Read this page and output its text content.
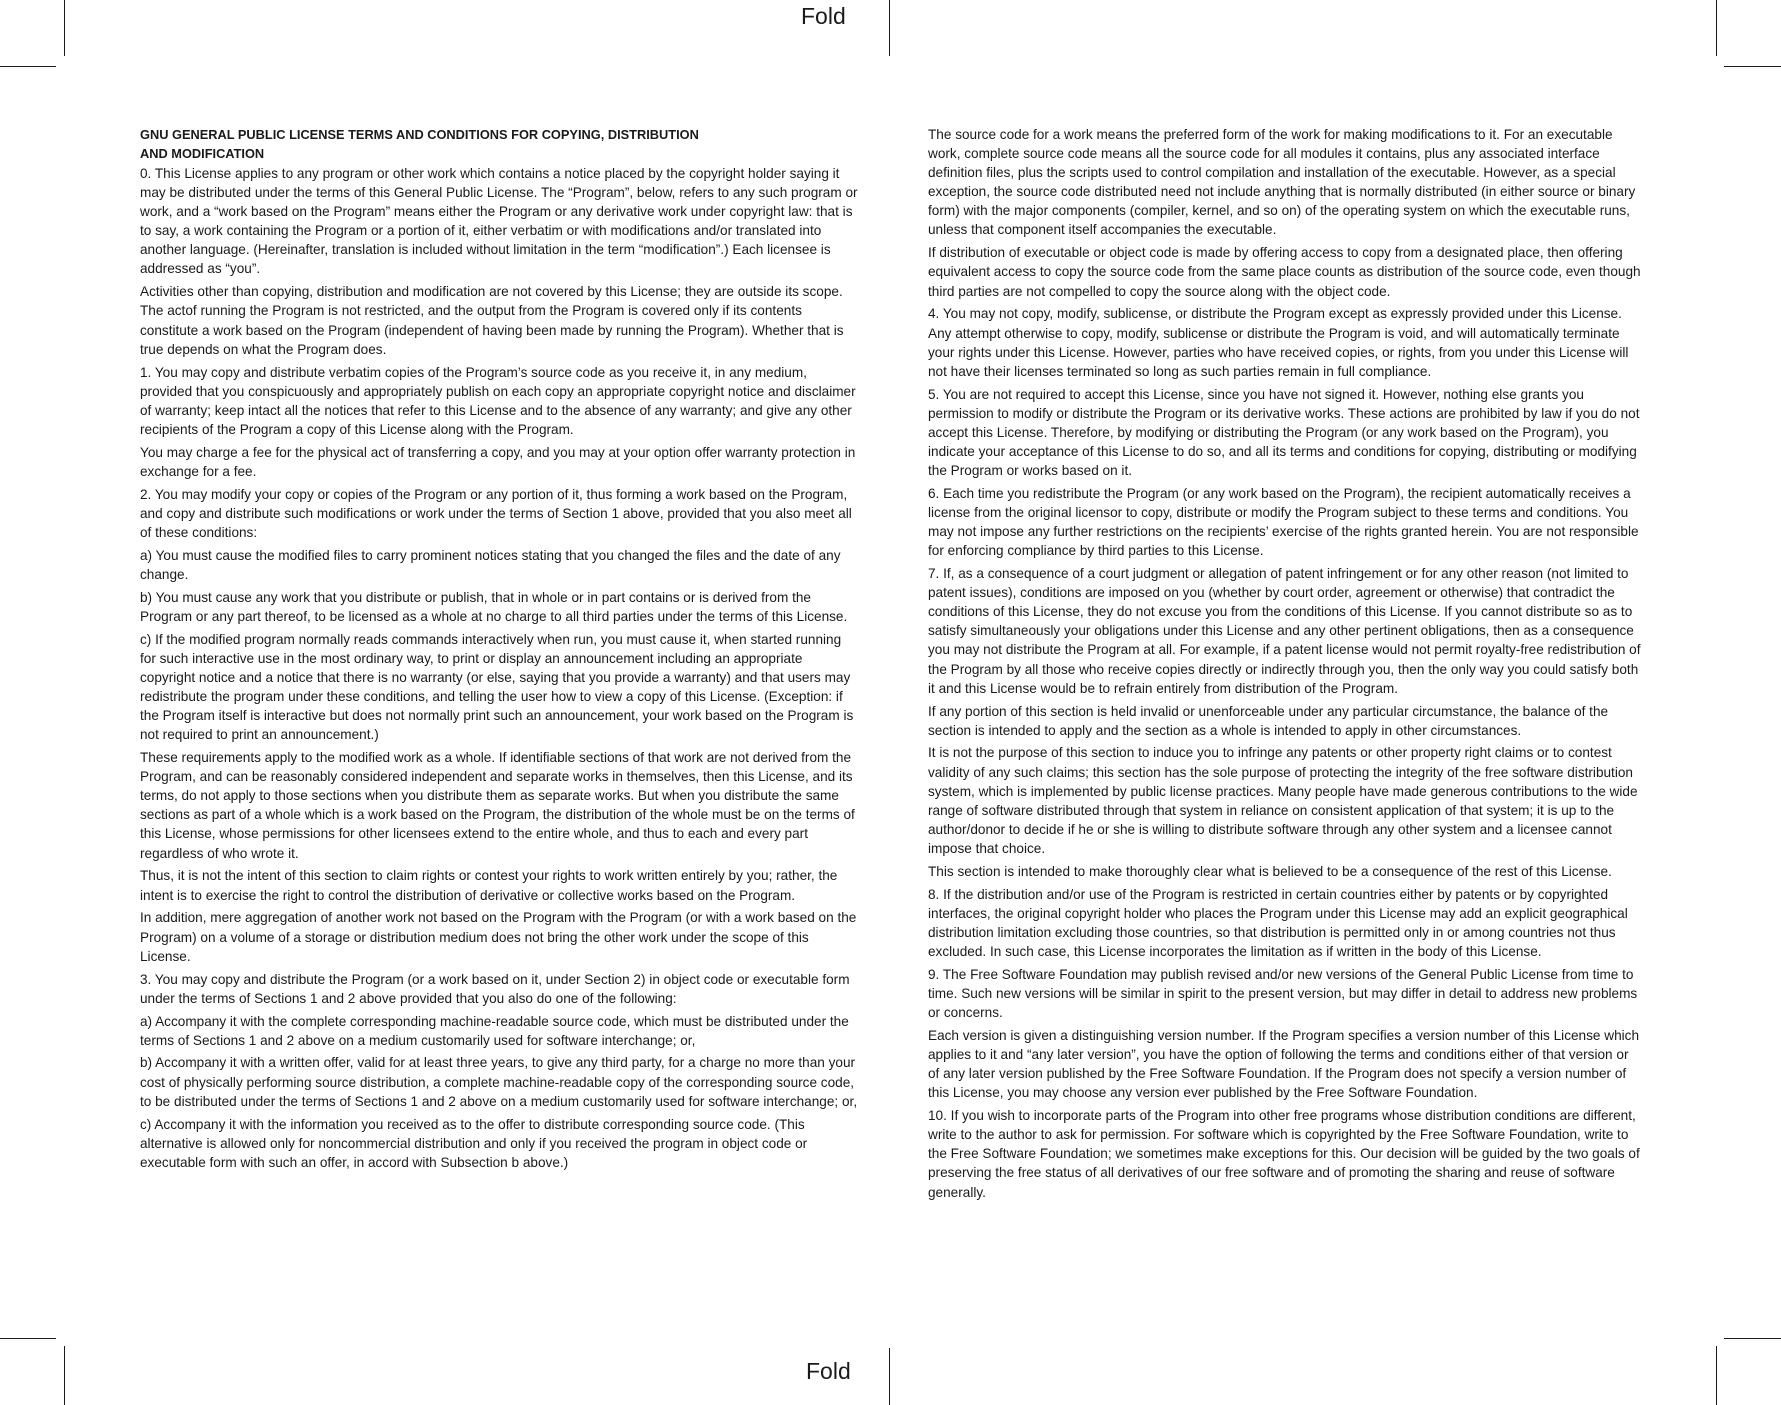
Fold
Fold
GNU GENERAL PUBLIC LICENSE TERMS AND CONDITIONS FOR COPYING, DISTRIBUTION AND MODIFICATION

0. This License applies to any program or other work which contains a notice placed by the copyright holder saying it may be distributed under the terms of this General Public License. The “Program”, below, refers to any such program or work, and a “work based on the Program” means either the Program or any derivative work under copyright law: that is to say, a work containing the Program or a portion of it, either verbatim or with modifications and/or translated into another language. (Hereinafter, translation is included without limitation in the term “modification”.) Each licensee is addressed as “you”.

Activities other than copying, distribution and modification are not covered by this License; they are outside its scope. The actof running the Program is not restricted, and the output from the Program is covered only if its contents constitute a work based on the Program (independent of having been made by running the Program). Whether that is true depends on what the Program does.

1. You may copy and distribute verbatim copies of the Program’s source code as you receive it, in any medium, provided that you conspicuously and appropriately publish on each copy an appropriate copyright notice and disclaimer of warranty; keep intact all the notices that refer to this License and to the absence of any warranty; and give any other recipients of the Program a copy of this License along with the Program.

You may charge a fee for the physical act of transferring a copy, and you may at your option offer warranty protection in exchange for a fee.

2. You may modify your copy or copies of the Program or any portion of it, thus forming a work based on the Program, and copy and distribute such modifications or work under the terms of Section 1 above, provided that you also meet all of these conditions:

a) You must cause the modified files to carry prominent notices stating that you changed the files and the date of any change.

b) You must cause any work that you distribute or publish, that in whole or in part contains or is derived from the Program or any part thereof, to be licensed as a whole at no charge to all third parties under the terms of this License.

c) If the modified program normally reads commands interactively when run, you must cause it, when started running for such interactive use in the most ordinary way, to print or display an announcement including an appropriate copyright notice and a notice that there is no warranty (or else, saying that you provide a warranty) and that users may redistribute the program under these conditions, and telling the user how to view a copy of this License. (Exception: if the Program itself is interactive but does not normally print such an announcement, your work based on the Program is not required to print an announcement.)

These requirements apply to the modified work as a whole. If identifiable sections of that work are not derived from the Program, and can be reasonably considered independent and separate works in themselves, then this License, and its terms, do not apply to those sections when you distribute them as separate works. But when you distribute the same sections as part of a whole which is a work based on the Program, the distribution of the whole must be on the terms of this License, whose permissions for other licensees extend to the entire whole, and thus to each and every part regardless of who wrote it.

Thus, it is not the intent of this section to claim rights or contest your rights to work written entirely by you; rather, the intent is to exercise the right to control the distribution of derivative or collective works based on the Program.

In addition, mere aggregation of another work not based on the Program with the Program (or with a work based on the Program) on a volume of a storage or distribution medium does not bring the other work under the scope of this License.

3. You may copy and distribute the Program (or a work based on it, under Section 2) in object code or executable form under the terms of Sections 1 and 2 above provided that you also do one of the following:

a) Accompany it with the complete corresponding machine-readable source code, which must be distributed under the terms of Sections 1 and 2 above on a medium customarily used for software interchange; or,

b) Accompany it with a written offer, valid for at least three years, to give any third party, for a charge no more than your cost of physically performing source distribution, a complete machine-readable copy of the corresponding source code, to be distributed under the terms of Sections 1 and 2 above on a medium customarily used for software interchange; or,

c) Accompany it with the information you received as to the offer to distribute corresponding source code. (This alternative is allowed only for noncommercial distribution and only if you received the program in object code or executable form with such an offer, in accord with Subsection b above.)

The source code for a work means the preferred form of the work for making modifications to it. For an executable work, complete source code means all the source code for all modules it contains, plus any associated interface definition files, plus the scripts used to control compilation and installation of the executable. However, as a special exception, the source code distributed need not include anything that is normally distributed (in either source or binary form) with the major components (compiler, kernel, and so on) of the operating system on which the executable runs, unless that component itself accompanies the executable.

If distribution of executable or object code is made by offering access to copy from a designated place, then offering equivalent access to copy the source code from the same place counts as distribution of the source code, even though third parties are not compelled to copy the source along with the object code.

4. You may not copy, modify, sublicense, or distribute the Program except as expressly provided under this License. Any attempt otherwise to copy, modify, sublicense or distribute the Program is void, and will automatically terminate your rights under this License. However, parties who have received copies, or rights, from you under this License will not have their licenses terminated so long as such parties remain in full compliance.

5. You are not required to accept this License, since you have not signed it. However, nothing else grants you permission to modify or distribute the Program or its derivative works. These actions are prohibited by law if you do not accept this License. Therefore, by modifying or distributing the Program (or any work based on the Program), you indicate your acceptance of this License to do so, and all its terms and conditions for copying, distributing or modifying the Program or works based on it.

6. Each time you redistribute the Program (or any work based on the Program), the recipient automatically receives a license from the original licensor to copy, distribute or modify the Program subject to these terms and conditions. You may not impose any further restrictions on the recipients’ exercise of the rights granted herein. You are not responsible for enforcing compliance by third parties to this License.

7. If, as a consequence of a court judgment or allegation of patent infringement or for any other reason (not limited to patent issues), conditions are imposed on you (whether by court order, agreement or otherwise) that contradict the conditions of this License, they do not excuse you from the conditions of this License. If you cannot distribute so as to satisfy simultaneously your obligations under this License and any other pertinent obligations, then as a consequence you may not distribute the Program at all. For example, if a patent license would not permit royalty-free redistribution of the Program by all those who receive copies directly or indirectly through you, then the only way you could satisfy both it and this License would be to refrain entirely from distribution of the Program.

If any portion of this section is held invalid or unenforceable under any particular circumstance, the balance of the section is intended to apply and the section as a whole is intended to apply in other circumstances.

It is not the purpose of this section to induce you to infringe any patents or other property right claims or to contest validity of any such claims; this section has the sole purpose of protecting the integrity of the free software distribution system, which is implemented by public license practices. Many people have made generous contributions to the wide range of software distributed through that system in reliance on consistent application of that system; it is up to the author/donor to decide if he or she is willing to distribute software through any other system and a licensee cannot impose that choice.

This section is intended to make thoroughly clear what is believed to be a consequence of the rest of this License.

8. If the distribution and/or use of the Program is restricted in certain countries either by patents or by copyrighted interfaces, the original copyright holder who places the Program under this License may add an explicit geographical distribution limitation excluding those countries, so that distribution is permitted only in or among countries not thus excluded. In such case, this License incorporates the limitation as if written in the body of this License.

9. The Free Software Foundation may publish revised and/or new versions of the General Public License from time to time. Such new versions will be similar in spirit to the present version, but may differ in detail to address new problems or concerns.

Each version is given a distinguishing version number. If the Program specifies a version number of this License which applies to it and “any later version”, you have the option of following the terms and conditions either of that version or of any later version published by the Free Software Foundation. If the Program does not specify a version number of this License, you may choose any version ever published by the Free Software Foundation.

10. If you wish to incorporate parts of the Program into other free programs whose distribution conditions are different, write to the author to ask for permission. For software which is copyrighted by the Free Software Foundation, write to the Free Software Foundation; we sometimes make exceptions for this. Our decision will be guided by the two goals of preserving the free status of all derivatives of our free software and of promoting the sharing and reuse of software generally.
